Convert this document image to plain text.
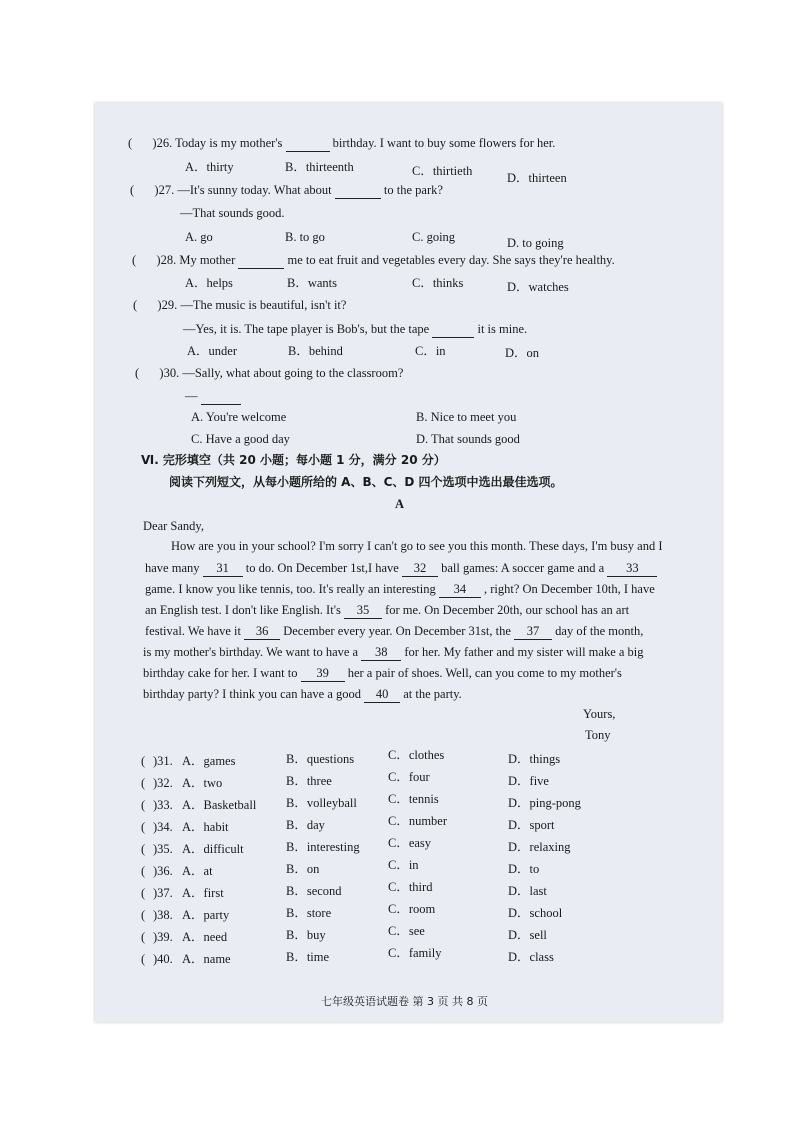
( )26. Today is my mother's	birthday. I want to buy some flowers for her.
A．thirty	B．thirteenth	C．thirtieth	D．thirteen
( )27. —It's sunny today. What about	to the park?
—That sounds good.
A. go	B. to go	C. going	D. to going
( )28. My mother	me to eat fruit and vegetables every day. She says they're healthy.
A．helps	B．wants	C．thinks	D．watches
( )29. —The music is beautiful, isn't it?
—Yes, it is. The tape player is Bob's, but the tape	it is mine.
A．under	B．behind	C．in	D．on
( )30. —Sally, what about going to the classroom?
—
A. You're welcome	B. Nice to meet you
C. Have a good day	D. That sounds good
Ⅵ. 完形填空（共 20 小题；每小题 1 分，满分 20 分）
阅读下列短文，从每小题所给的 A、B、C、D 四个选项中选出最佳选项。
A
Dear Sandy,
How are you in your school? I'm sorry I can't go to see you this month. These days, I'm busy and I
have many 31 to do. On December 1st,I have 32 ball games: A soccer game and a 33
game. I know you like tennis, too. It's really an interesting 34 , right? On December 10th, I have
an English test. I don't like English. It's 35 for me. On December 20th, our school has an art
festival. We have it 36 December every year. On December 31st, the 37 day of the month,
is my mother's birthday. We want to have a 38 for her. My father and my sister will make a big
birthday cake for her. I want to 39 her a pair of shoes. Well, can you come to my mother's
birthday party? I think you can have a good 40 at the party.
Yours,
Tony
( )31. A．games	B．questions	C．clothes	D．things
( )32. A．two	B．three	C．four	D．five
( )33. A．Basketball B．volleyball C．tennis	D．ping-pong
( )34. A．habit	B．day	C．number	D．sport
( )35. A．difficult	B．interesting C．easy	D．relaxing
( )36. A．at	B．on	C．in	D．to
( )37. A．first	B．second	C．third	D．last
( )38. A．party	B．store	C．room	D．school
( )39. A．need	B．buy	C．see	D．sell
( )40. A．name	B．time	C．family	D．class
七年级英语试题卷 第 3 页 共 8 页
